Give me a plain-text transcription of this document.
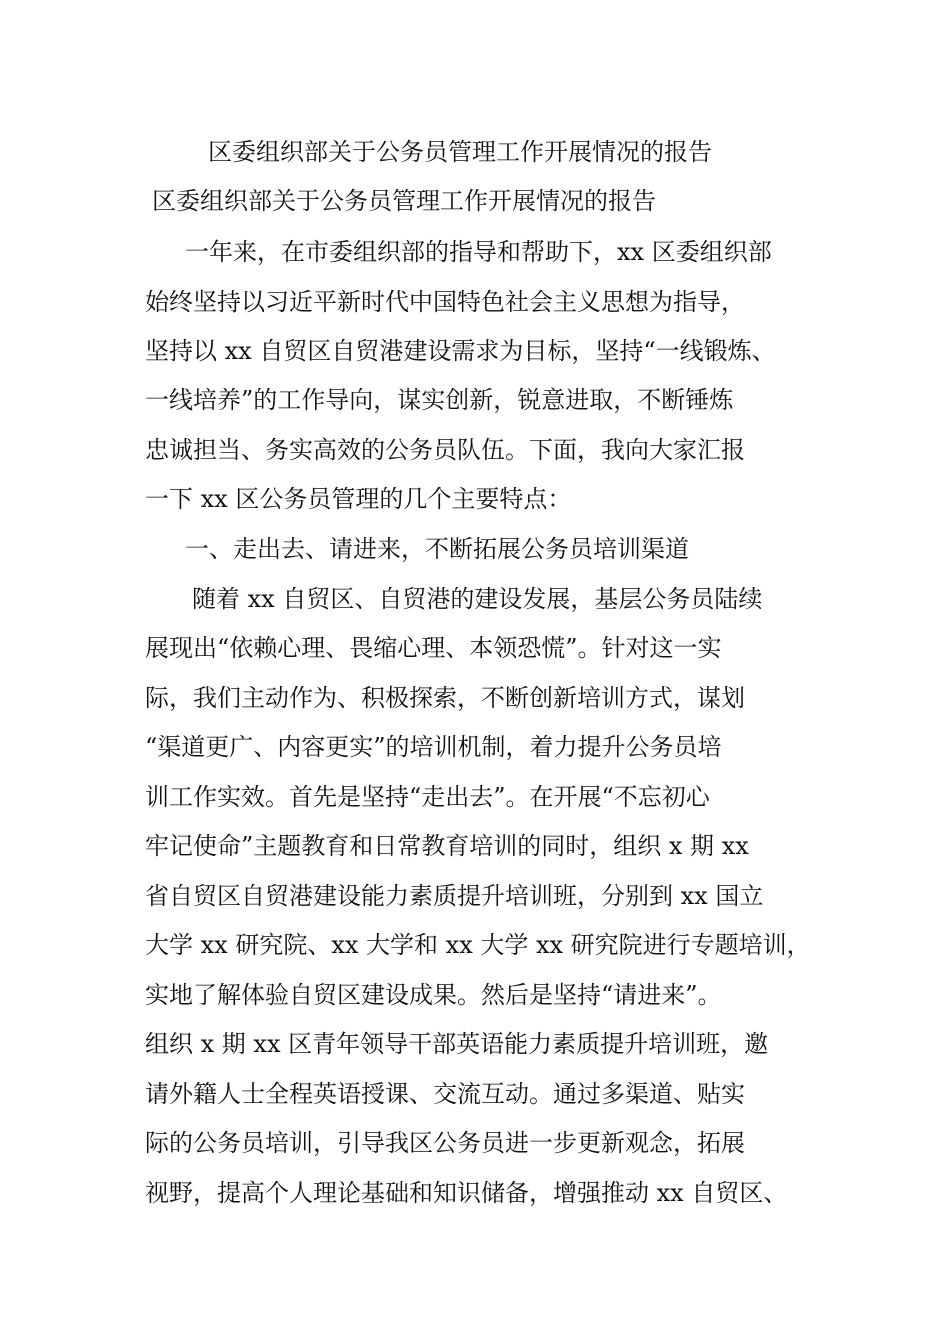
区委组织部关于公务员管理工作开展情况的报告
区委组织部关于公务员管理工作开展情况的报告
一年来，在市委组织部的指导和帮助下，xx 区委组织部
始终坚持以习近平新时代中国特色社会主义思想为指导，
坚持以 xx 自贸区自贸港建设需求为目标，坚持“一线锻炼、
一线培养”的工作导向，谋实创新，锐意进取，不断锤炼
忠诚担当、务实高效的公务员队伍。下面，我向大家汇报
一下 xx 区公务员管理的几个主要特点：
一、走出去、请进来，不断拓展公务员培训渠道
随着 xx 自贸区、自贸港的建设发展，基层公务员陆续
展现出“依赖心理、畏缩心理、本领恐慌”。针对这一实
际，我们主动作为、积极探索，不断创新培训方式，谋划
“渠道更广、内容更实”的培训机制，着力提升公务员培
训工作实效。首先是坚持“走出去”。在开展“不忘初心
牢记使命”主题教育和日常教育培训的同时，组织 x 期 xx
省自贸区自贸港建设能力素质提升培训班，分别到 xx 国立
大学 xx 研究院、xx 大学和 xx 大学 xx 研究院进行专题培训，
实地了解体验自贸区建设成果。然后是坚持“请进来”。
组织 x 期 xx 区青年领导干部英语能力素质提升培训班，邀
请外籍人士全程英语授课、交流互动。通过多渠道、贴实
际的公务员培训，引导我区公务员进一步更新观念，拓展
视野，提高个人理论基础和知识储备，增强推动 xx 自贸区、
